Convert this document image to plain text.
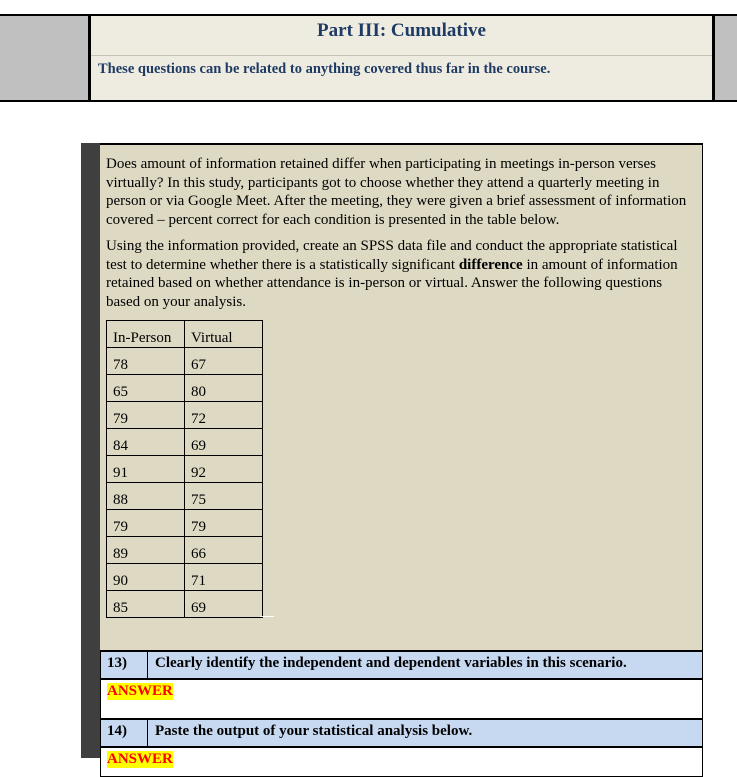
Part III: Cumulative
These questions can be related to anything covered thus far in the course.

Does amount of information retained differ when participating in meetings in-person verses virtually? In this study, participants got to choose whether they attend a quarterly meeting in person or via Google Meet. After the meeting, they were given a brief assessment of information covered – percent correct for each condition is presented in the table below.

Using the information provided, create an SPSS data file and conduct the appropriate statistical test to determine whether there is a statistically significant difference in amount of information retained based on whether attendance is in-person or virtual. Answer the following questions based on your analysis.

In-Person	Virtual
78	67
65	80
79	72
84	69
91	92
88	75
79	79
89	66
90	71
85	69
13) Clearly identify the independent and dependent variables in this scenario.
ANSWER
14) Paste the output of your statistical analysis below.
ANSWER
